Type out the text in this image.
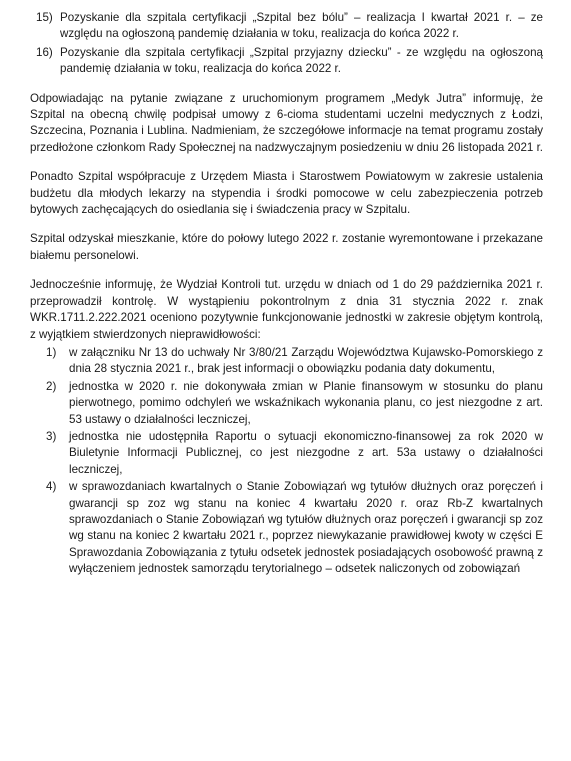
15) Pozyskanie dla szpitala certyfikacji „Szpital bez bólu” – realizacja I kwartał 2021 r. – ze względu na ogłoszoną pandemię działania w toku, realizacja do końca 2022 r.
16) Pozyskanie dla szpitala certyfikacji „Szpital przyjazny dziecku” - ze względu na ogłoszoną pandemię działania w toku, realizacja do końca 2022 r.

Odpowiadając na pytanie związane z uruchomionym programem „Medyk Jutra” informuję, że Szpital na obecną chwilę podpisał umowy z 6-cioma studentami uczelni medycznych z Łodzi, Szczecina, Poznania i Lublina. Nadmieniam, że szczegółowe informacje na temat programu zostały przedłożone członkom Rady Społecznej na nadzwyczajnym posiedzeniu w dniu 26 listopada 2021 r.

Ponadto Szpital współpracuje z Urzędem Miasta i Starostwem Powiatowym w zakresie ustalenia budżetu dla młodych lekarzy na stypendia i środki pomocowe w celu zabezpieczenia potrzeb bytowych zachęcających do osiedlania się i świadczenia pracy w Szpitalu.

Szpital odzyskał mieszkanie, które do połowy lutego 2022 r. zostanie wyremontowane i przekazane białemu personelowi.

Jednocześnie informuję, że Wydział Kontroli tut. urzędu w dniach od 1 do 29 października 2021 r. przeprowadził kontrolę. W wystąpieniu pokontrolnym z dnia 31 stycznia 2022 r. znak WKR.1711.2.222.2021 oceniono pozytywnie funkcjonowanie jednostki w zakresie objętym kontrolą, z wyjątkiem stwierdzonych nieprawidłowości:

1)	w załączniku Nr 13 do uchwały Nr 3/80/21 Zarządu Województwa Kujawsko-Pomorskiego z dnia 28 stycznia 2021 r., brak jest informacji o obowiązku podania daty dokumentu,
2)	jednostka w 2020 r. nie dokonywała zmian w Planie finansowym w stosunku do planu pierwotnego, pomimo odchyleń we wskaźnikach wykonania planu, co jest niezgodne z art. 53 ustawy o działalności leczniczej,
3)	jednostka nie udostępniła Raportu o sytuacji ekonomiczno-finansowej za rok 2020 w Biuletynie Informacji Publicznej, co jest niezgodne z art. 53a ustawy o działalności leczniczej,
4)	w sprawozdaniach kwartalnych o Stanie Zobowiązań wg tytułów dłużnych oraz poręczeń i gwarancji sp zoz wg stanu na koniec 4 kwartału 2020 r. oraz Rb-Z kwartalnych sprawozdaniach o Stanie Zobowiązań wg tytułów dłużnych oraz poręczeń i gwarancji sp zoz wg stanu na koniec 2 kwartału 2021 r., poprzez niewykazanie prawidłowej kwoty w części E Sprawozdania Zobowiązania z tytułu odsetek jednostek posiadających osobowość prawną z wyłączeniem jednostek samorządu terytorialnego – odsetek naliczonych od zobowiązań
